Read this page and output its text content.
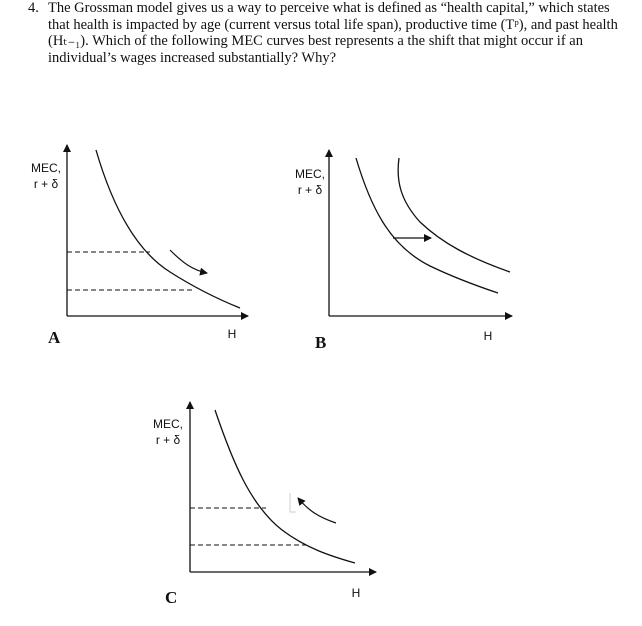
4. The Grossman model gives us a way to perceive what is defined as “health capital,” which states that health is impacted by age (current versus total life span), productive time (Tᵖ), and past health (Hₜ₋₁). Which of the following MEC curves best represents a the shift that might occur if an individual’s wages increased substantially? Why?
MEC,
r + δ
H
A
MEC,
r + δ
H
B
MEC,
r + δ
H
C
